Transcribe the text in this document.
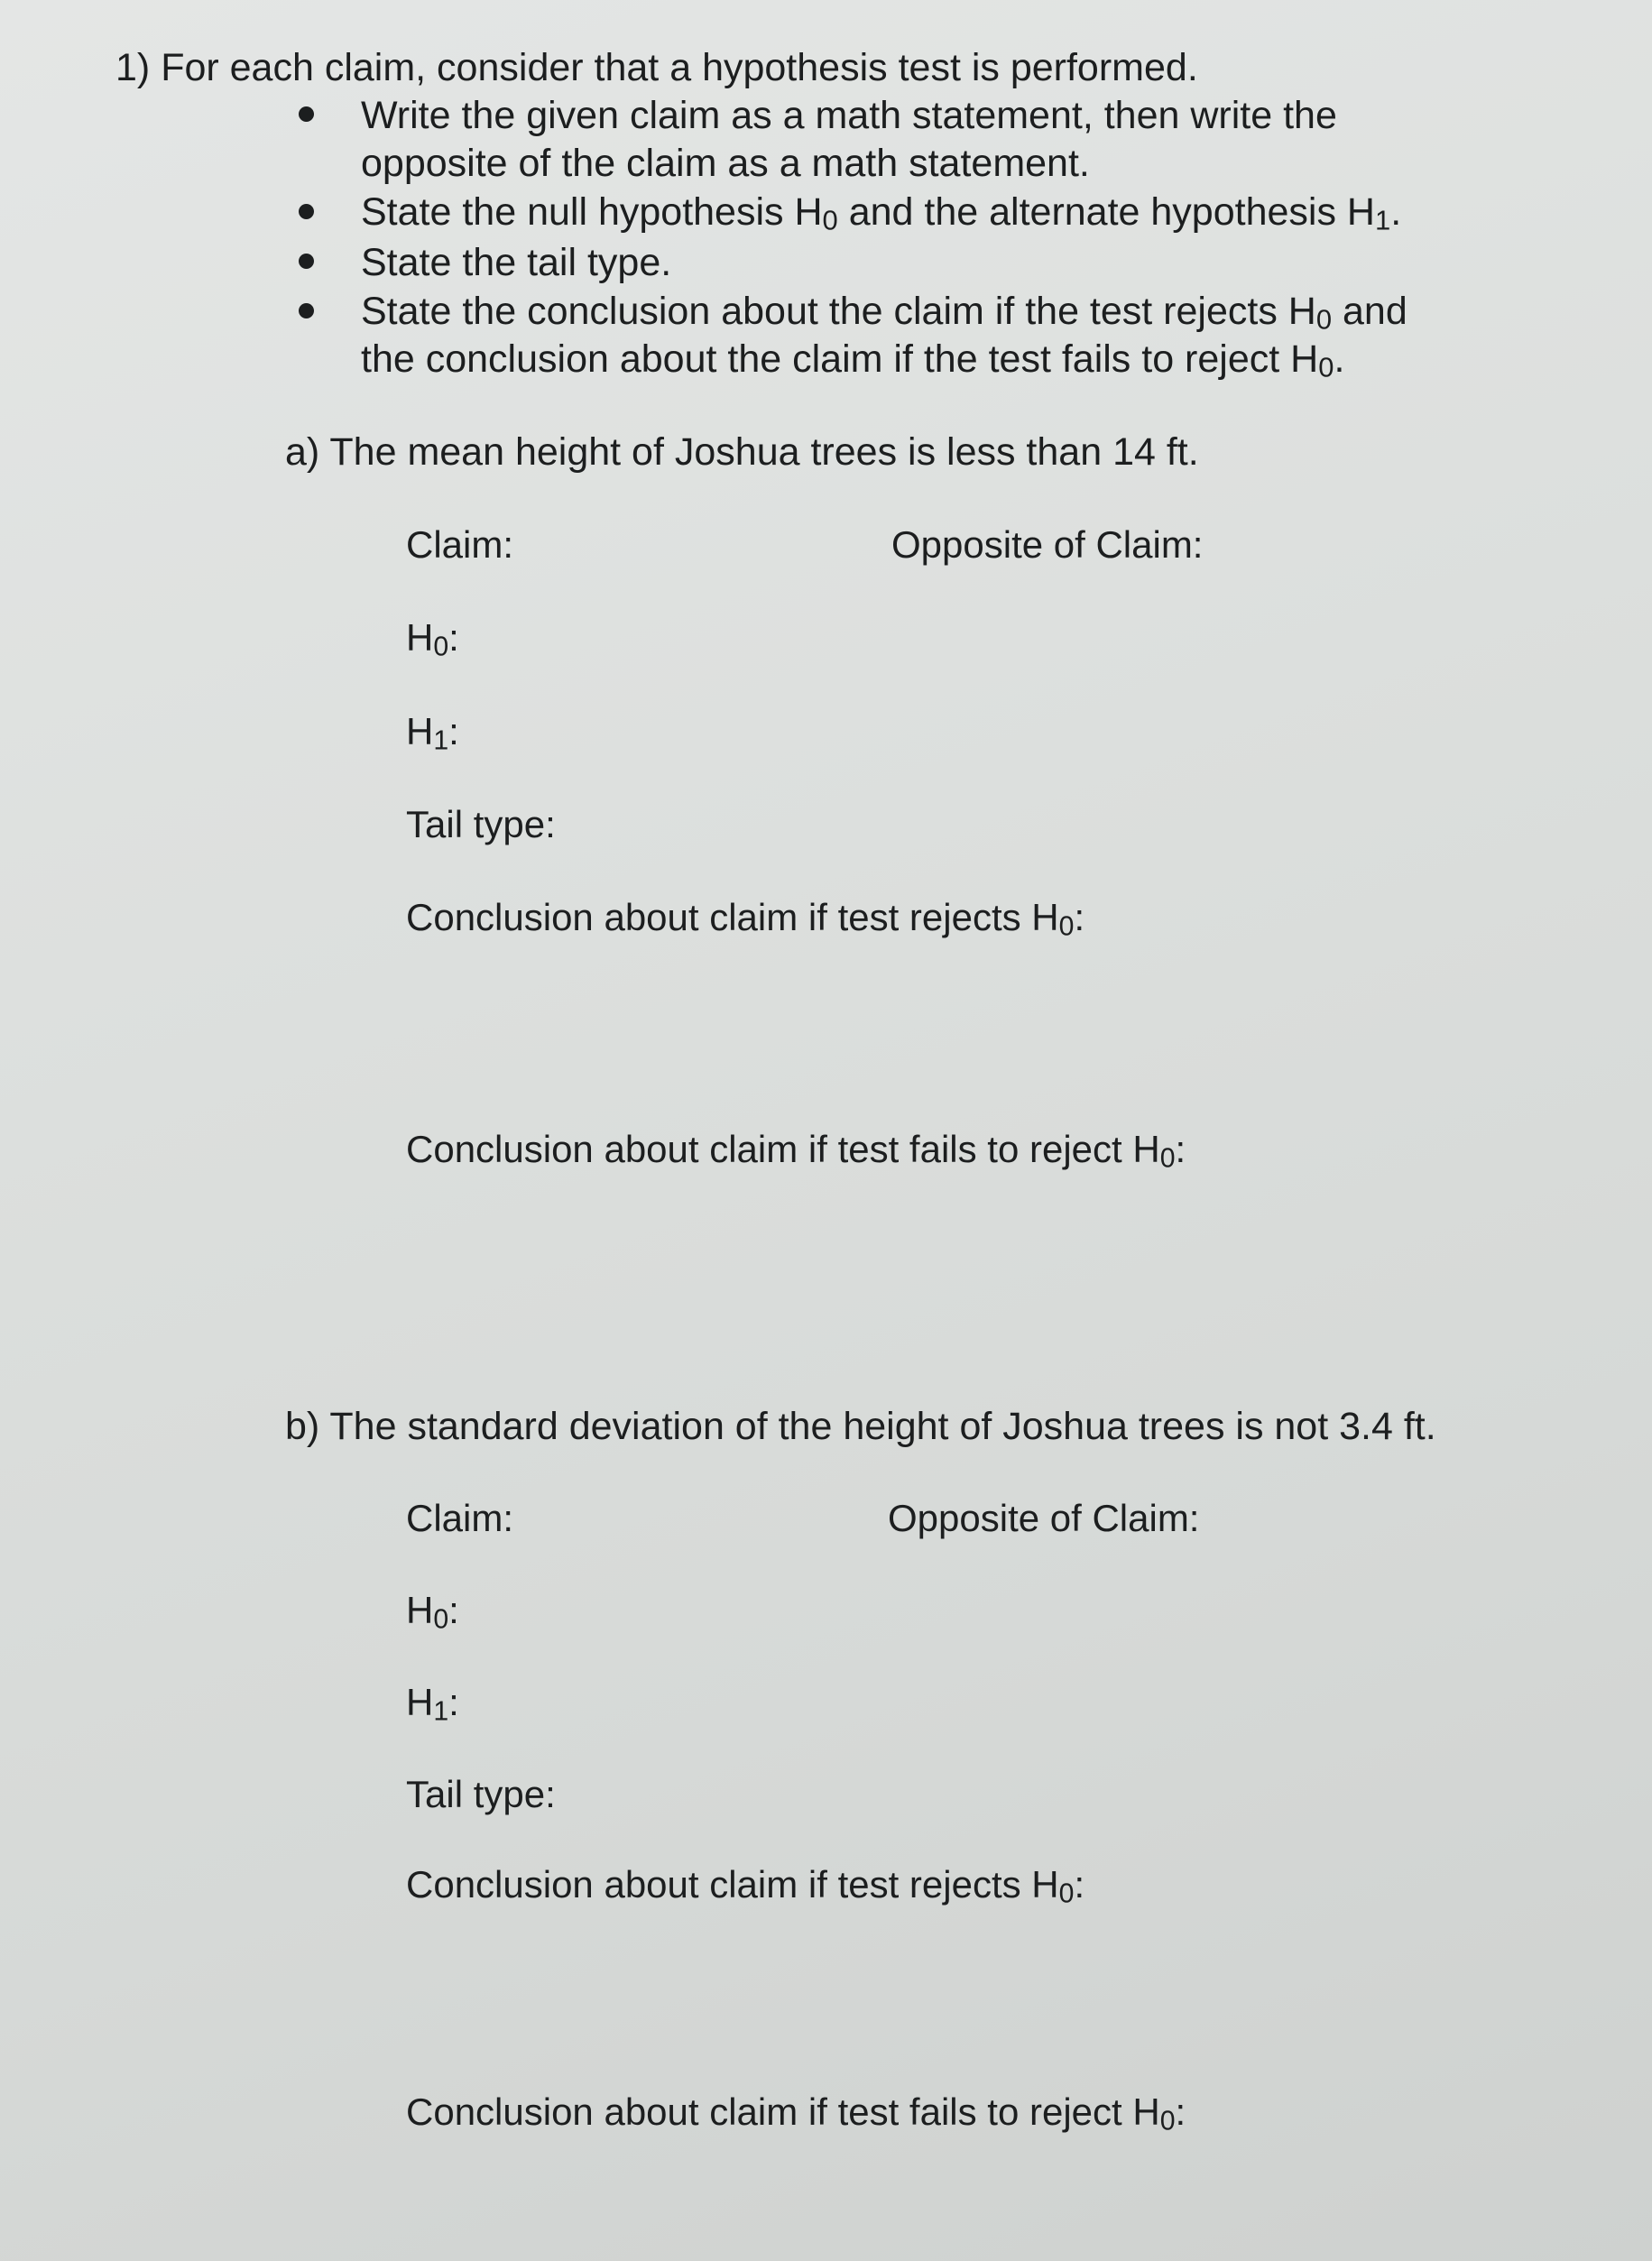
1) For each claim, consider that a hypothesis test is performed.
Write the given claim as a math statement, then write the
opposite of the claim as a math statement.
State the null hypothesis $H_0$ and the alternate hypothesis $H_1$.
State the tail type.
State the conclusion about the claim if the test rejects $H_0$ and
the conclusion about the claim if the test fails to reject $H_0$.
a) The mean height of Joshua trees is less than 14 ft.
Claim:	Opposite of Claim:
$H_0$:
$H_1$:
Tail type:
Conclusion about claim if test rejects $H_0$:
Conclusion about claim if test fails to reject $H_0$:
b) The standard deviation of the height of Joshua trees is not 3.4 ft.
Claim:	Opposite of Claim:
$H_0$:
$H_1$:
Tail type:
Conclusion about claim if test rejects $H_0$:
Conclusion about claim if test fails to reject $H_0$:
